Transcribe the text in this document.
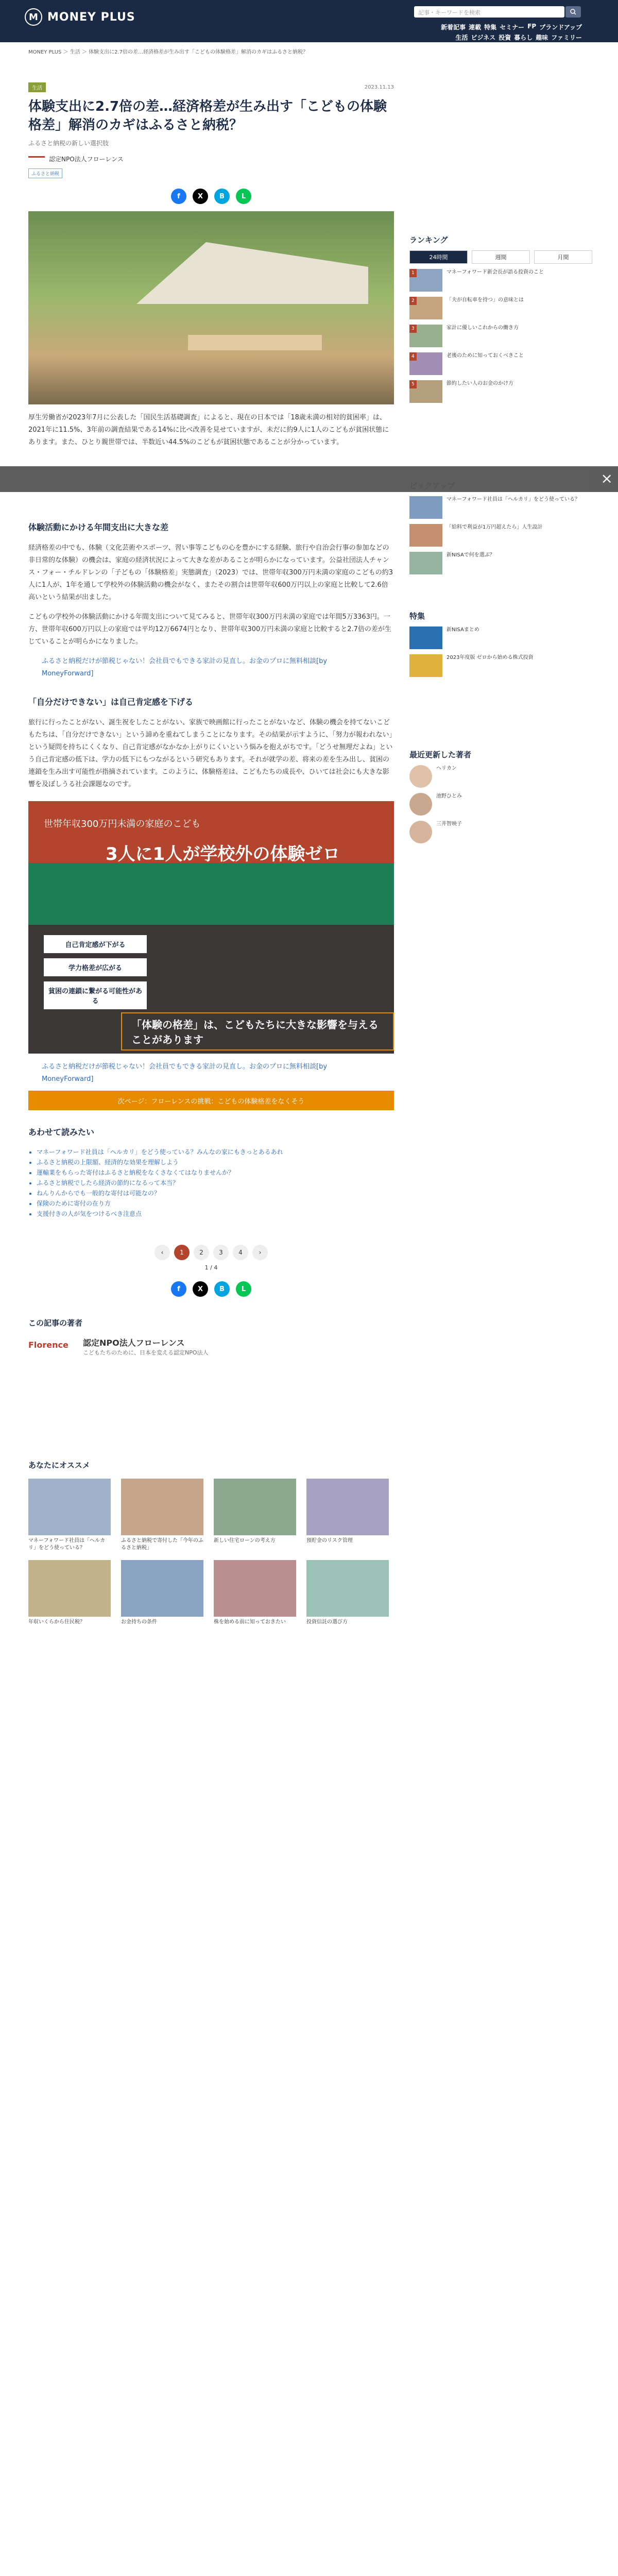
M MONEY PLUS	記事・キーワードを検索
新着記事 連載 特集 セミナー FP ブランドアップ
生活 ビジネス 投資 暮らし 趣味 ファミリー
MONEY PLUS ＞ 生活 ＞ 体験支出に2.7倍の差…経済格差が生み出す「こどもの体験格差」解消のカギはふるさと納税？
生活	2023.11.13
体験支出に2.7倍の差…経済格差が生み出す「こどもの体験格差」解消のカギはふるさと納税？
ふるさと納税の新しい選択肢
認定NPO法人フローレンス
ふるさと納税
f	X	B	L

厚生労働省が2023年7月に公表した「国民生活基礎調査」によると、現在の日本では「18歳未満の相対的貧困率」は、2021年に11.5%、3年前の調査結果である14%に比べ改善を見せていますが、未だに約9人に1人のこどもが貧困状態にあります。また、ひとり親世帯では、半数近い44.5%のこどもが貧困状態であることが分かっています。

体験活動にかける年間支出に大きな差

経済格差の中でも、体験（文化芸術やスポーツ、習い事等こどもの心を豊かにする経験、旅行や自治会行事の参加などの非日常的な体験）の機会は、家庭の経済状況によって大きな差があることが明らかになっています。公益社団法人チャンス・フォー・チルドレンの「子どもの「体験格差」実態調査」（2023）では、世帯年収300万円未満の家庭のこどもの約3人に1人が、1年を通して学校外の体験活動の機会がなく、またその割合は世帯年収600万円以上の家庭と比較して2.6倍高いという結果が出ました。

こどもの学校外の体験活動にかける年間支出について見てみると、世帯年収300万円未満の家庭では年間5万3363円。一方、世帯年収600万円以上の家庭では平均12万6674円となり、世帯年収300万円未満の家庭と比較すると2.7倍の差が生じていることが明らかになりました。

ふるさと納税だけが節税じゃない！会社員でもできる家計の見直し。お金のプロに無料相談[by MoneyForward]

「自分だけできない」は自己肯定感を下げる

旅行に行ったことがない、誕生祝をしたことがない、家族で映画館に行ったことがないなど、体験の機会を持てないこどもたちは、「自分だけできない」という諦めを重ねてしまうことになります。その結果が示すように、「努力が報われない」という疑問を持ちにくくなり、自己肯定感がなかなか上がりにくいという悩みを抱えがちです。「どうせ無理だよね」という自己肯定感の低下は、学力の低下にもつながるという研究もあります。それが就学の差、将来の差を生み出し、貧困の連鎖を生み出す可能性が指摘されています。このように、体験格差は、こどもたちの成長や、ひいては社会にも大きな影響を及ぼしうる社会課題なのです。

世帯年収300万円未満の家庭のこども
3人に1人が学校外の体験ゼロ
自己肯定感が下がる
学力格差が広がる
貧困の連鎖に繋がる可能性がある
「体験の格差」は、こどもたちに大きな影響を与えることがあります

ふるさと納税だけが節税じゃない！会社員でもできる家計の見直し。お金のプロに無料相談[by MoneyForward]

次ページ：フローレンスの挑戦：こどもの体験格差をなくそう
あわせて読みたい
• マネーフォワード社員は「ヘルカリ」をどう使っている？みんなの家にもきっとあるあれ
• ふるさと納税の上限額、経済的な効果を理解しよう
• 運輸業をもらった寄付はふるさと納税をなくさなくてはなりませんか？
• ふるさと納税でしたら経済の節約になるって本当？
• ねんりんからでも一般的な寄付は可能なの？
• 保険のために寄付の在り方
• 支援付きの人が気をつけるべき注意点
‹	1	2	3	4	›
1 / 4
f	X	B	L
この記事の著者
Florence	認定NPO法人フローレンス
こどもたちのために、日本を変える認定NPO法人
あなたにオススメ

マネーフォワード社員は「ヘルカリ」をどう使っている？

ふるさと納税で寄付した「今年のふるさと納税」

新しい住宅ローンの考え方	預貯金のリスク管理

年収いくらから住民税？	お金持ちの条件	株を始める前に知っておきたい	投資信託の選び方

ランキング
24時間	週間	月間
1	マネーフォワード新会長が語る投資のこと
2	「夫が自転車を持つ」の意味とは
3	家計に優しいこれからの働き方
4	老後のために知っておくべきこと
5	節約したい人のお金のかけ方
マネーフォワード社員は「ヘルカリ」をどう使っている？
「給料で利益が1万円超えたら」人生設計
新NISAで何を選ぶ？
特集
新NISAまとめ
2023年度版 ゼロから始める株式投資
最近更新した著者
ヘリカン
池野ひとみ
三井智映子
×
